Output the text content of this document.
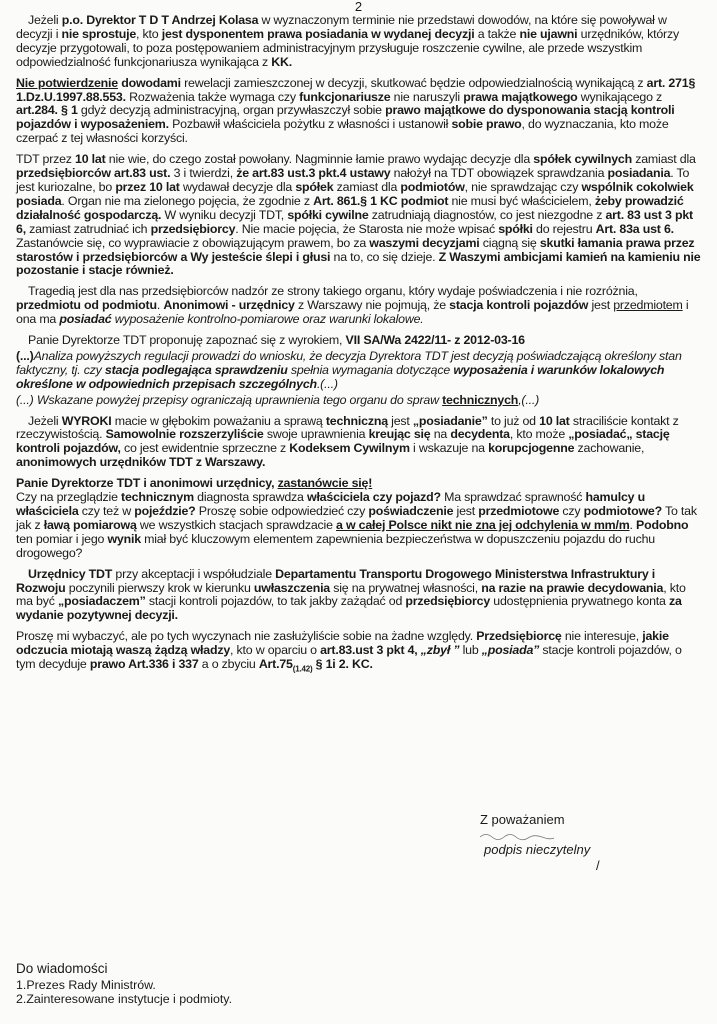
2

Jeżeli p.o. Dyrektor T D T Andrzej Kolasa w wyznaczonym terminie nie przedstawi dowodów, na które się powoływał w decyzji i nie sprostuje, kto jest dysponentem prawa posiadania w wydanej decyzji a także nie ujawni urzędników, którzy decyzje przygotowali, to poza postępowaniem administracyjnym przysługuje roszczenie cywilne, ale przede wszystkim odpowiedzialność funkcjonariusza wynikająca z KK.

Nie potwierdzenie dowodami rewelacji zamieszczonej w decyzji, skutkować będzie odpowiedzialnością wynikającą z art. 271§ 1.Dz.U.1997.88.553. Rozważenia także wymaga czy funkcjonariusze nie naruszyli prawa majątkowego wynikającego z art.284. § 1 gdyż decyzją administracyjną, organ przywłaszczył sobie prawo majątkowe do dysponowania stacją kontroli pojazdów i wyposażeniem. Pozbawił właściciela pożytku z własności i ustanowił sobie prawo, do wyznaczania, kto może czerpać z tej własności korzyści.

TDT przez 10 lat nie wie, do czego został powołany. Nagminnie łamie prawo wydając decyzje dla spółek cywilnych zamiast dla przedsiębiorców art.83 ust. 3 i twierdzi, że art.83 ust.3 pkt.4 ustawy nałożył na TDT obowiązek sprawdzania posiadania. To jest kuriozalne, bo przez 10 lat wydawał decyzje dla spółek zamiast dla podmiotów, nie sprawdzając czy wspólnik cokolwiek posiada. Organ nie ma zielonego pojęcia, że zgodnie z Art. 861.§ 1 KC podmiot nie musi być właścicielem, żeby prowadzić działalność gospodarczą. W wyniku decyzji TDT, spółki cywilne zatrudniają diagnostów, co jest niezgodne z art. 83 ust 3 pkt 6, zamiast zatrudniać ich przedsiębiorcy. Nie macie pojęcia, że Starosta nie może wpisać spółki do rejestru Art. 83a ust 6. Zastanówcie się, co wyprawiacie z obowiązującym prawem, bo za waszymi decyzjami ciągną się skutki łamania prawa przez starostów i przedsiębiorców a Wy jesteście ślepi i głusi na to, co się dzieje. Z Waszymi ambicjami kamień na kamieniu nie pozostanie i stacje również.

Tragedią jest dla nas przedsiębiorców nadzór ze strony takiego organu, który wydaje poświadczenia i nie rozróżnia, przedmiotu od podmiotu. Anonimowi - urzędnicy z Warszawy nie pojmują, że stacja kontroli pojazdów jest przedmiotem i ona ma posiadać wyposażenie kontrolno-pomiarowe oraz warunki lokalowe.

Panie Dyrektorze TDT proponuję zapoznać się z wyrokiem, VII SA/Wa 2422/11- z 2012-03-16

(...)Analiza powyższych regulacji prowadzi do wniosku, że decyzja Dyrektora TDT jest decyzją poświadczającą określony stan faktyczny, tj. czy stacja podlegająca sprawdzeniu spełnia wymagania dotyczące wyposażenia i warunków lokalowych określone w odpowiednich przepisach szczególnych.(...)

(...) Wskazane powyżej przepisy ograniczają uprawnienia tego organu do spraw technicznych,(...)

Jeżeli WYROKI macie w głębokim poważaniu a sprawą techniczną jest „posiadanie” to już od 10 lat straciliście kontakt z rzeczywistością. Samowolnie rozszerzyliście swoje uprawnienia kreując się na decydenta, kto może „posiadać„ stację kontroli pojazdów, co jest ewidentnie sprzeczne z Kodeksem Cywilnym i wskazuje na korupcjogenne zachowanie, anonimowych urzędników TDT z Warszawy.

Panie Dyrektorze TDT i anonimowi urzędnicy, zastanówcie się!
Czy na przeglądzie technicznym diagnosta sprawdza właściciela czy pojazd? Ma sprawdzać sprawność hamulcy u właściciela czy też w pojeździe? Proszę sobie odpowiedzieć czy poświadczenie jest przedmiotowe czy podmiotowe? To tak jak z ławą pomiarową we wszystkich stacjach sprawdzacie a w całej Polsce nikt nie zna jej odchylenia w mm/m. Podobno ten pomiar i jego wynik miał być kluczowym elementem zapewnienia bezpieczeństwa w dopuszczeniu pojazdu do ruchu drogowego?

Urzędnicy TDT przy akceptacji i współudziale Departamentu Transportu Drogowego Ministerstwa Infrastruktury i Rozwoju poczynili pierwszy krok w kierunku uwłaszczenia się na prywatnej własności, na razie na prawie decydowania, kto ma być „posiadaczem” stacji kontroli pojazdów, to tak jakby zażądać od przedsiębiorcy udostępnienia prywatnego konta za wydanie pozytywnej decyzji.

Proszę mi wybaczyć, ale po tych wyczynach nie zasłużyliście sobie na żadne względy. Przedsiębiorcę nie interesuje, jakie odczucia miotają waszą żądzą władzy, kto w oparciu o art.83.ust 3 pkt 4, „zbył ” lub „posiada” stacje kontroli pojazdów, o tym decyduje prawo Art.336 i 337 a o zbyciu $Art.75_{(1.42)}$ § 1i 2. KC.

Z poważaniem
podpis nieczytelny
/
Do wiadomości
1.Prezes Rady Ministrów.
2.Zainteresowane instytucje i podmioty.
